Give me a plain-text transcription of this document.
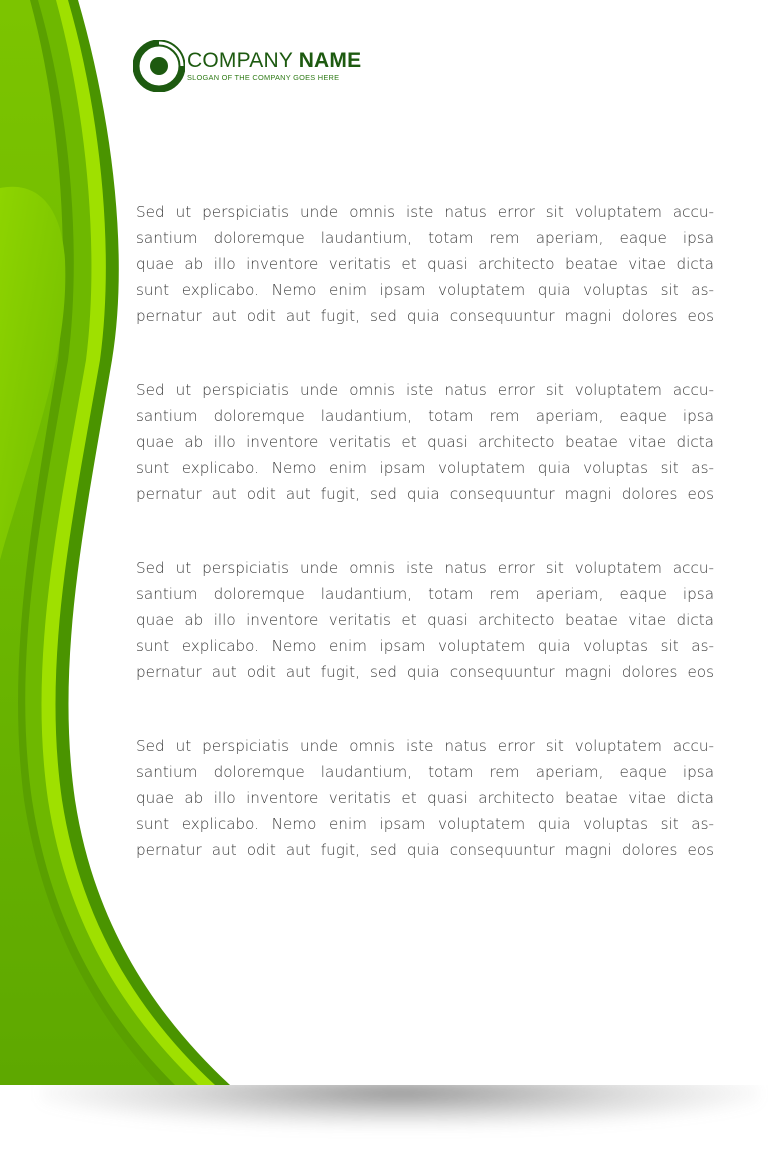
COMPANY NAME
SLOGAN OF THE COMPANY GOES HERE

Sed ut perspiciatis unde omnis iste natus error sit voluptatem accu-
santium doloremque laudantium, totam rem aperiam, eaque ipsa
quae ab illo inventore veritatis et quasi architecto beatae vitae dicta
sunt explicabo. Nemo enim ipsam voluptatem quia voluptas sit as-
pernatur aut odit aut fugit, sed quia consequuntur magni dolores eos

Sed ut perspiciatis unde omnis iste natus error sit voluptatem accu-
santium doloremque laudantium, totam rem aperiam, eaque ipsa
quae ab illo inventore veritatis et quasi architecto beatae vitae dicta
sunt explicabo. Nemo enim ipsam voluptatem quia voluptas sit as-
pernatur aut odit aut fugit, sed quia consequuntur magni dolores eos

Sed ut perspiciatis unde omnis iste natus error sit voluptatem accu-
santium doloremque laudantium, totam rem aperiam, eaque ipsa
quae ab illo inventore veritatis et quasi architecto beatae vitae dicta
sunt explicabo. Nemo enim ipsam voluptatem quia voluptas sit as-
pernatur aut odit aut fugit, sed quia consequuntur magni dolores eos

Sed ut perspiciatis unde omnis iste natus error sit voluptatem accu-
santium doloremque laudantium, totam rem aperiam, eaque ipsa
quae ab illo inventore veritatis et quasi architecto beatae vitae dicta
sunt explicabo. Nemo enim ipsam voluptatem quia voluptas sit as-
pernatur aut odit aut fugit, sed quia consequuntur magni dolores eos
